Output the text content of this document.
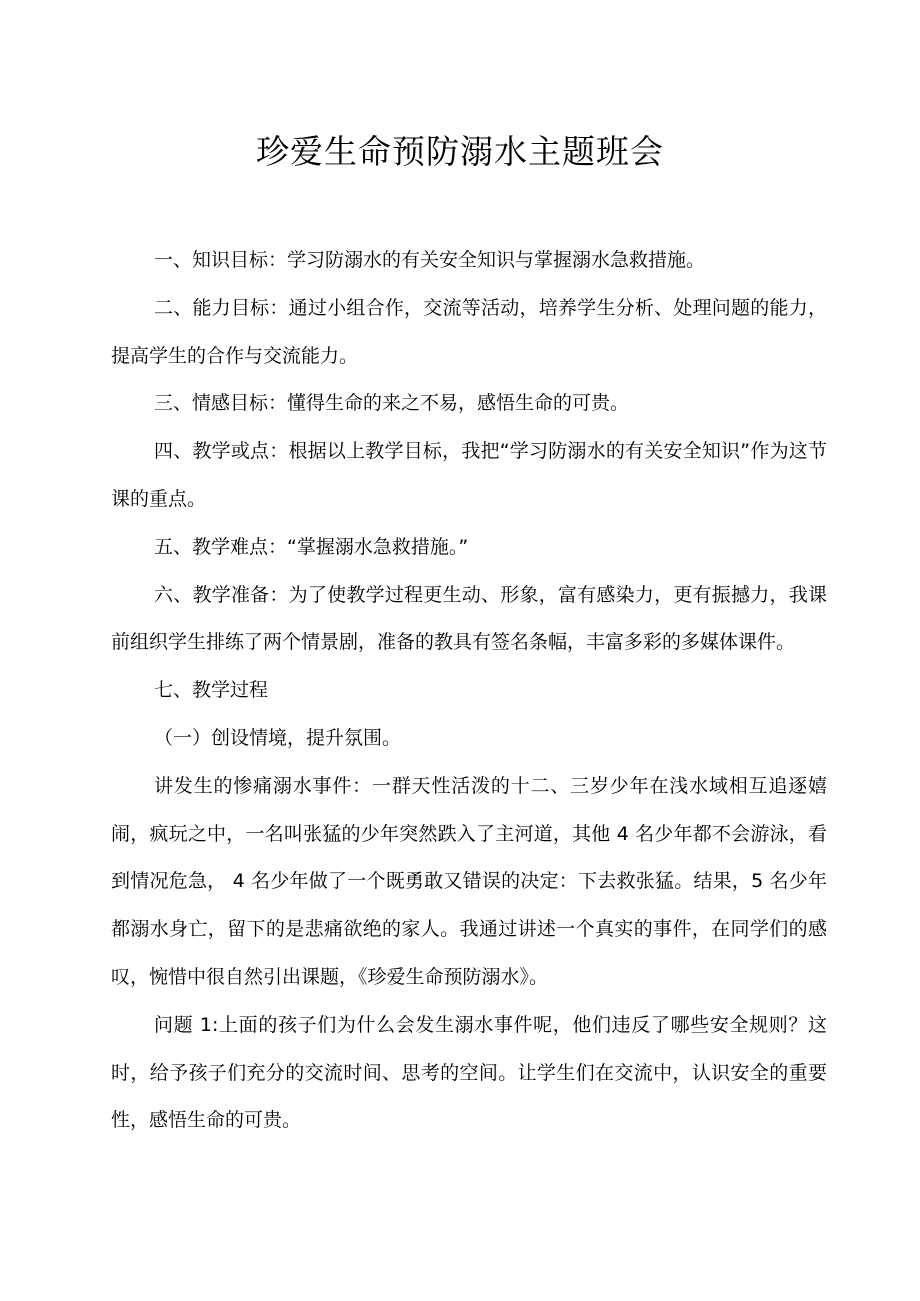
珍爱生命预防溺水主题班会

一、知识目标：学习防溺水的有关安全知识与掌握溺水急救措施。

二、能力目标：通过小组合作，交流等活动，培养学生分析、处理问题的能力，提高学生的合作与交流能力。

三、情感目标：懂得生命的来之不易，感悟生命的可贵。

四、教学或点：根据以上教学目标，我把“学习防溺水的有关安全知识”作为这节课的重点。

五、教学难点：“掌握溺水急救措施。”

六、教学准备：为了使教学过程更生动、形象，富有感染力，更有振撼力，我课前组织学生排练了两个情景剧，准备的教具有签名条幅，丰富多彩的多媒体课件。

七、教学过程

（一）创设情境，提升氛围。

讲发生的惨痛溺水事件：一群天性活泼的十二、三岁少年在浅水域相互追逐嬉闹，疯玩之中，一名叫张猛的少年突然跌入了主河道，其他 4 名少年都不会游泳，看到情况危急， 4 名少年做了一个既勇敢又错误的决定：下去救张猛。结果，5 名少年都溺水身亡，留下的是悲痛欲绝的家人。我通过讲述一个真实的事件，在同学们的感叹，惋惜中很自然引出课题，《珍爱生命预防溺水》。

问题 1:上面的孩子们为什么会发生溺水事件呢，他们违反了哪些安全规则？这时，给予孩子们充分的交流时间、思考的空间。让学生们在交流中，认识安全的重要性，感悟生命的可贵。
